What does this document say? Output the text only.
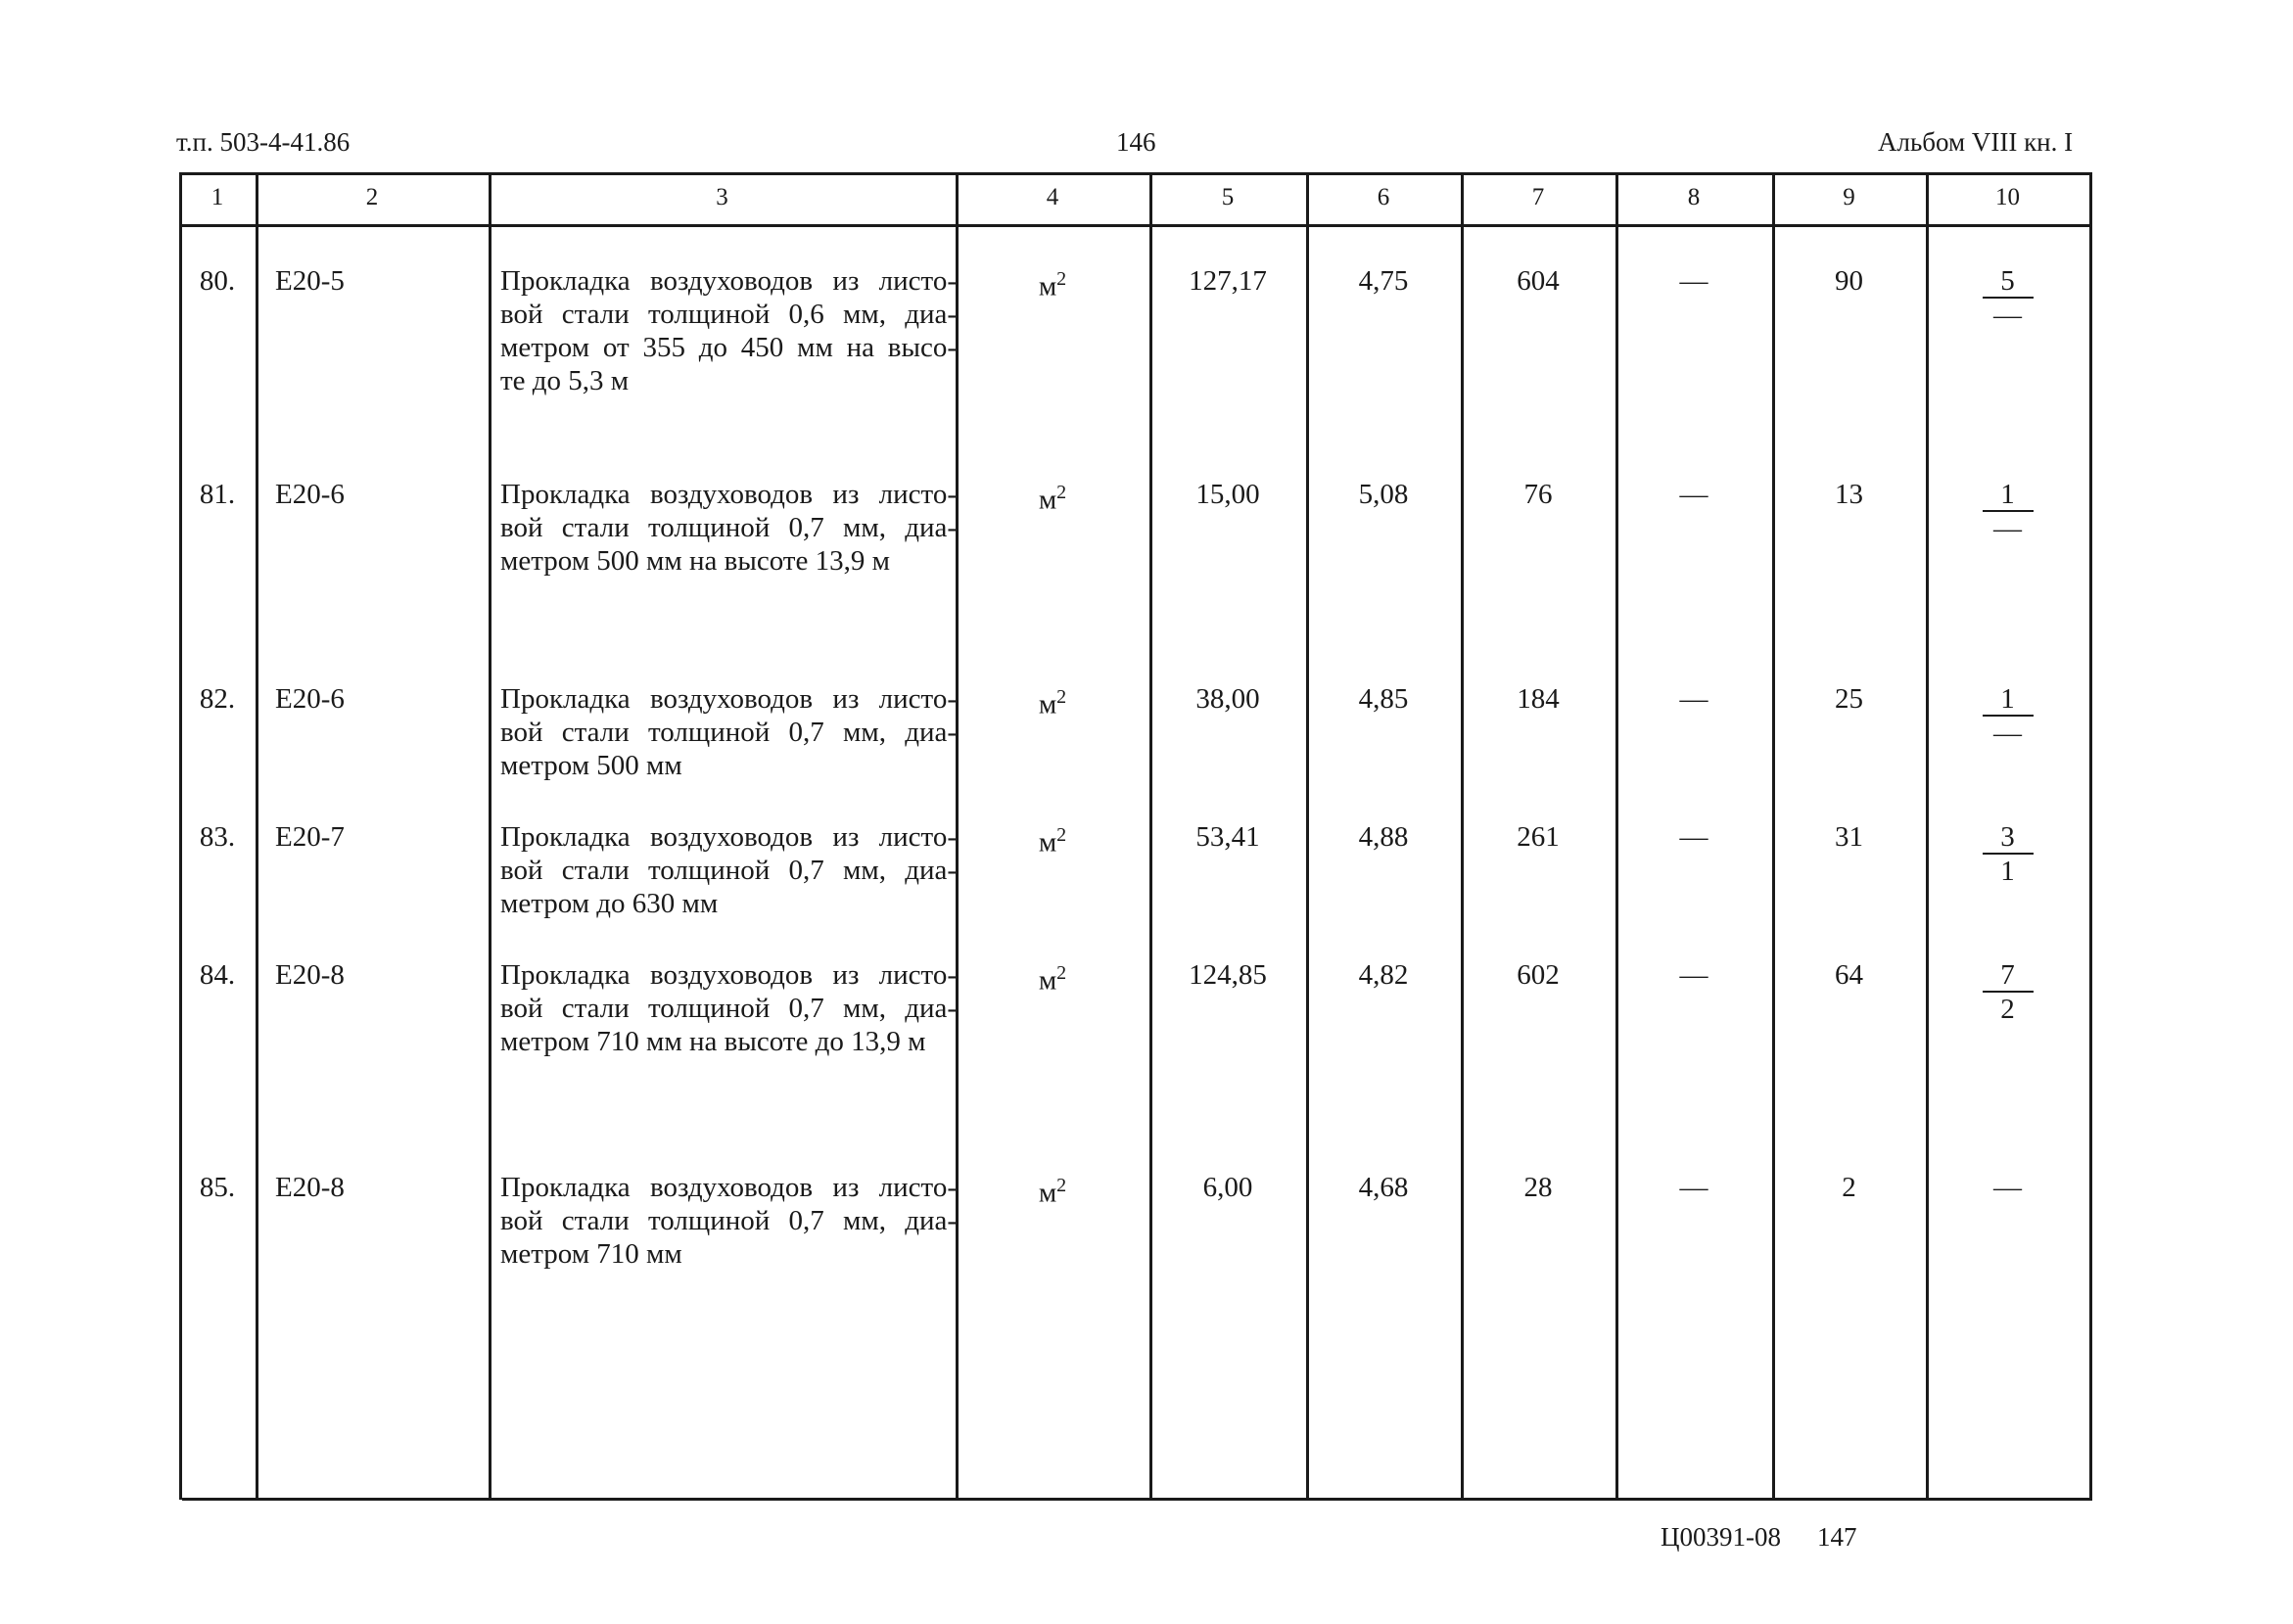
т.п. 503-4-41.86	146	Альбом VIII кн. I
1	2	3	4	5	6	7	8	9	10
80.	Е20-5	Прокладка воздуховодов из листо-
вой стали толщиной 0,6 мм, диа-
метром от 355 до 450 мм на высо-
те до 5,3 м
$м^2$	127,17	4,75	604	—	90	5
—
81.	Е20-6	Прокладка воздуховодов из листо-
вой стали толщиной 0,7 мм, диа-
метром 500 мм на высоте 13,9 м
$м^2$	15,00	5,08	76	—	13	1
—
82.	Е20-6	Прокладка воздуховодов из листо-
вой стали толщиной 0,7 мм, диа-
метром 500 мм
$м^2$	38,00	4,85	184	—	25	1
—
83.	Е20-7	Прокладка воздуховодов из листо-
вой стали толщиной 0,7 мм, диа-
метром до 630 мм
$м^2$	53,41	4,88	261	—	31	$\frac{3}{1}$
84.	Е20-8	Прокладка воздуховодов из листо-
вой стали толщиной 0,7 мм, диа-
метром 710 мм на высоте до 13,9 м
$м^2$	124,85	4,82	602	—	64	$\frac{7}{2}$
85.	Е20-8	Прокладка воздуховодов из листо-
вой стали толщиной 0,7 мм, диа-
метром 710 мм
$м^2$	6,00	4,68	28	—	2	—
Ц00391-08 147
